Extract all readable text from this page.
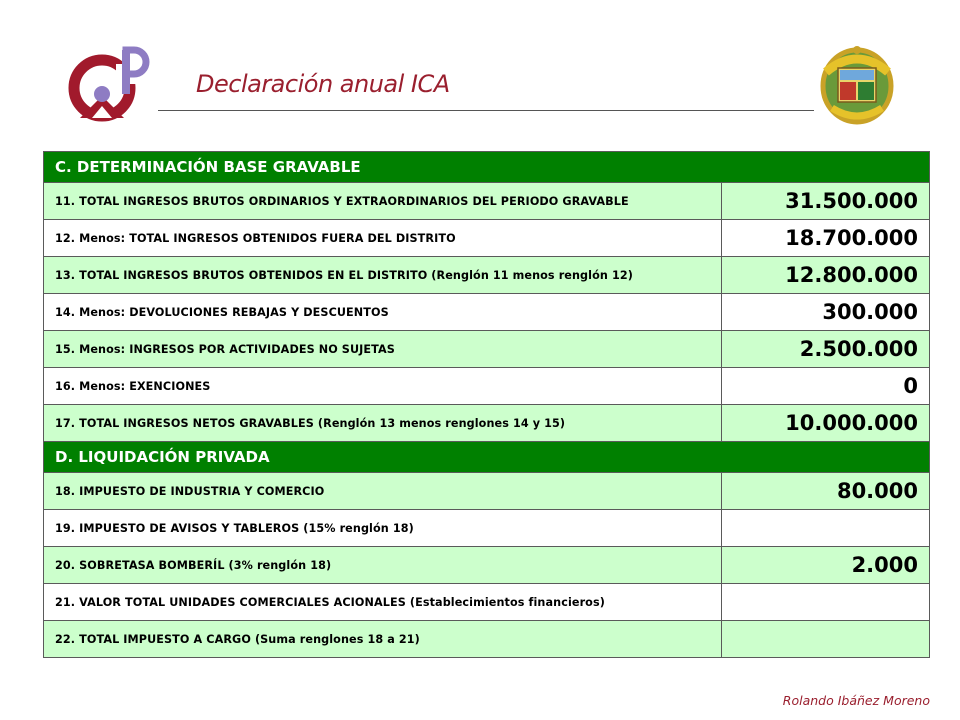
Declaración anual ICA
C. DETERMINACIÓN BASE GRAVABLE	
11. TOTAL INGRESOS BRUTOS ORDINARIOS Y EXTRAORDINARIOS DEL PERIODO GRAVABLE	31.500.000
12. Menos: TOTAL INGRESOS OBTENIDOS FUERA DEL DISTRITO	18.700.000
13. TOTAL INGRESOS BRUTOS OBTENIDOS EN EL DISTRITO (Renglón 11 menos renglón 12)	12.800.000
14. Menos: DEVOLUCIONES REBAJAS Y DESCUENTOS	300.000
15. Menos: INGRESOS POR ACTIVIDADES NO SUJETAS	2.500.000
16. Menos: EXENCIONES	0
17. TOTAL INGRESOS NETOS GRAVABLES (Renglón 13 menos renglones 14 y 15)	10.000.000
D. LIQUIDACIÓN PRIVADA	
18. IMPUESTO DE INDUSTRIA Y COMERCIO	80.000
19. IMPUESTO DE AVISOS Y TABLEROS (15% renglón 18)	
20. SOBRETASA BOMBERÍL (3% renglón 18)	2.000
21. VALOR TOTAL UNIDADES COMERCIALES ACIONALES (Establecimientos financieros)	
22. TOTAL IMPUESTO A CARGO (Suma renglones 18 a 21)	
Rolando Ibáñez Moreno
